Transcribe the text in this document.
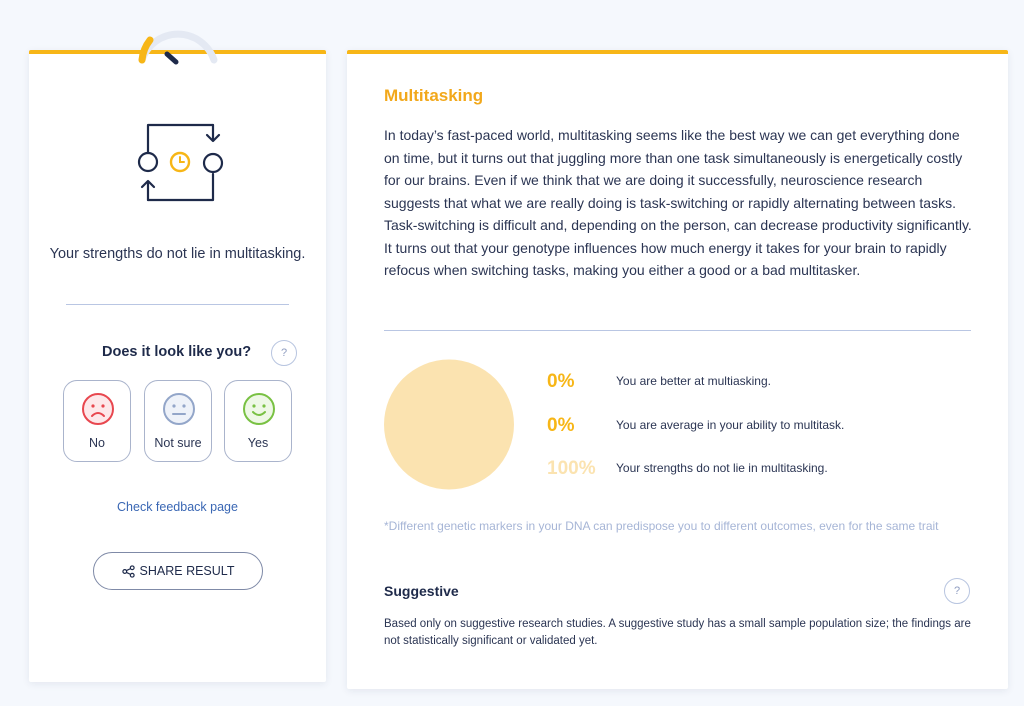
Your strengths do not lie in multitasking.
Does it look like you?	?
No	Not sure	Yes
Check feedback page
SHARE RESULT
Multitasking
In today’s fast-paced world, multitasking seems like the best way we can get everything done on time, but it turns out that juggling more than one task simultaneously is energetically costly for our brains. Even if we think that we are doing it successfully, neuroscience research suggests that what we are really doing is task-switching or rapidly alternating between tasks. Task-switching is difficult and, depending on the person, can decrease productivity significantly. It turns out that your genotype influences how much energy it takes for your brain to rapidly refocus when switching tasks, making you either a good or a bad multitasker.
0%	You are better at multiasking.
0%	You are average in your ability to multitask.
100% Your strengths do not lie in multitasking.
*Different genetic markers in your DNA can predispose you to different outcomes, even for the same trait
Suggestive	?
Based only on suggestive research studies. A suggestive study has a small sample population size; the findings are not statistically significant or validated yet.
